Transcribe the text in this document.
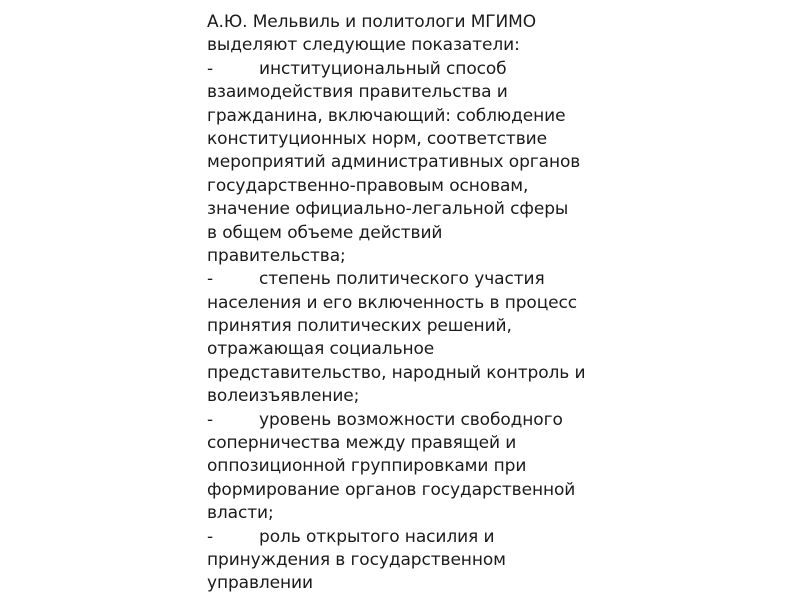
А.Ю. Мельвиль и политологи МГИМО
выделяют следующие показатели:
-	институциональный способ
взаимодействия правительства и
гражданина, включающий: соблюдение
конституционных норм, соответствие
мероприятий административных органов
государственно-правовым основам,
значение официально-легальной сферы
в общем объеме действий
правительства;
-	степень политического участия
населения и его включенность в процесс
принятия политических решений,
отражающая социальное
представительство, народный контроль и
волеизъявление;
-	уровень возможности свободного
соперничества между правящей и
оппозиционной группировками при
формирование органов государственной
власти;
-	роль открытого насилия и
принуждения в государственном
управлении
